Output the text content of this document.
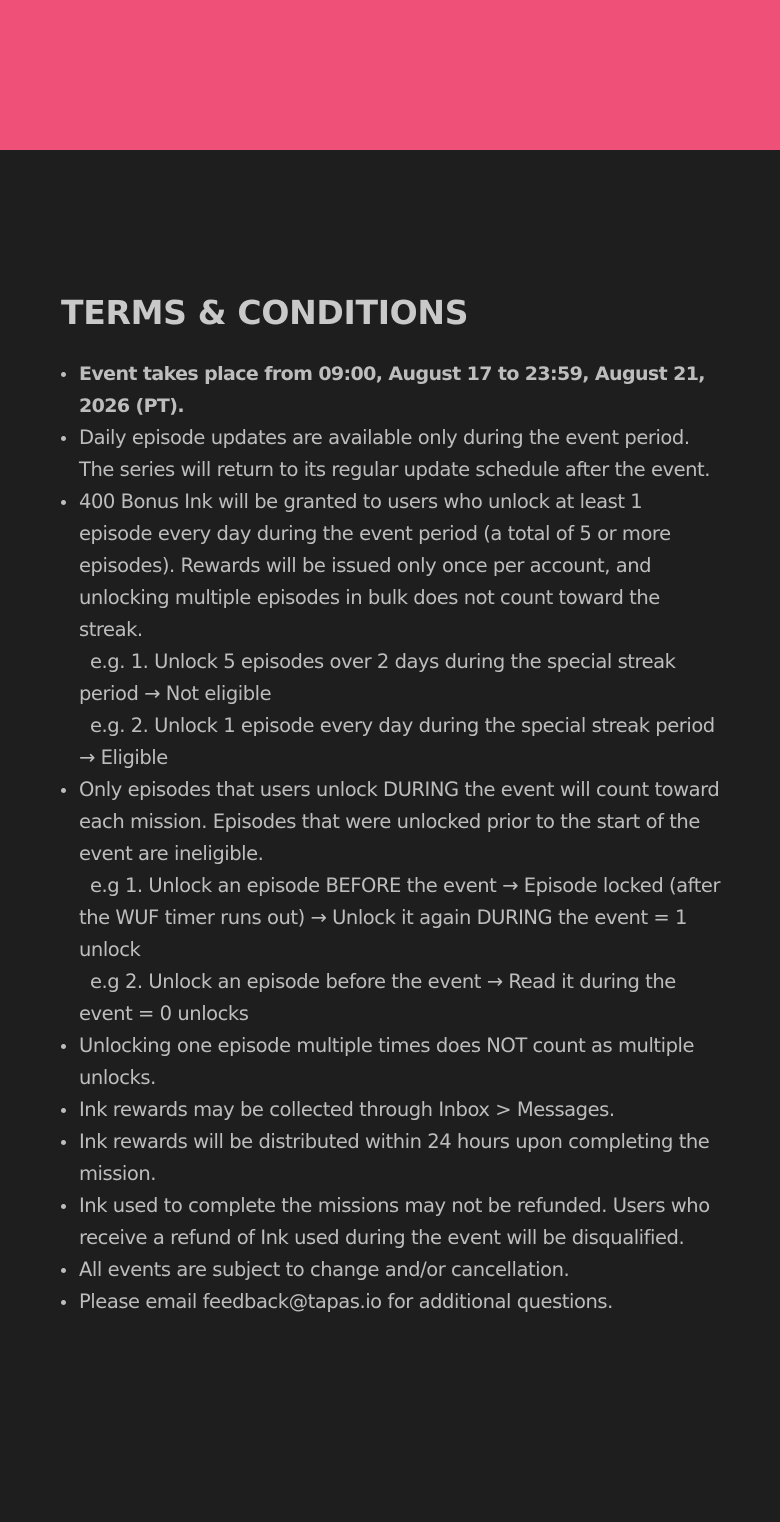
TERMS & CONDITIONS
Event takes place from 09:00, August 17 to 23:59, August 21, 2026 (PT).
Daily episode updates are available only during the event period. The series will return to its regular update schedule after the event.
400 Bonus Ink will be granted to users who unlock at least 1 episode every day during the event period (a total of 5 or more episodes). Rewards will be issued only once per account, and unlocking multiple episodes in bulk does not count toward the streak.
e.g. 1. Unlock 5 episodes over 2 days during the special streak period → Not eligible
e.g. 2. Unlock 1 episode every day during the special streak period → Eligible
Only episodes that users unlock DURING the event will count toward each mission. Episodes that were unlocked prior to the start of the event are ineligible.
e.g 1. Unlock an episode BEFORE the event → Episode locked (after the WUF timer runs out) → Unlock it again DURING the event = 1 unlock
e.g 2. Unlock an episode before the event → Read it during the event = 0 unlocks
Unlocking one episode multiple times does NOT count as multiple unlocks.
Ink rewards may be collected through Inbox > Messages.
Ink rewards will be distributed within 24 hours upon completing the mission.
Ink used to complete the missions may not be refunded. Users who receive a refund of Ink used during the event will be disqualified.
All events are subject to change and/or cancellation.
Please email feedback@tapas.io for additional questions.
